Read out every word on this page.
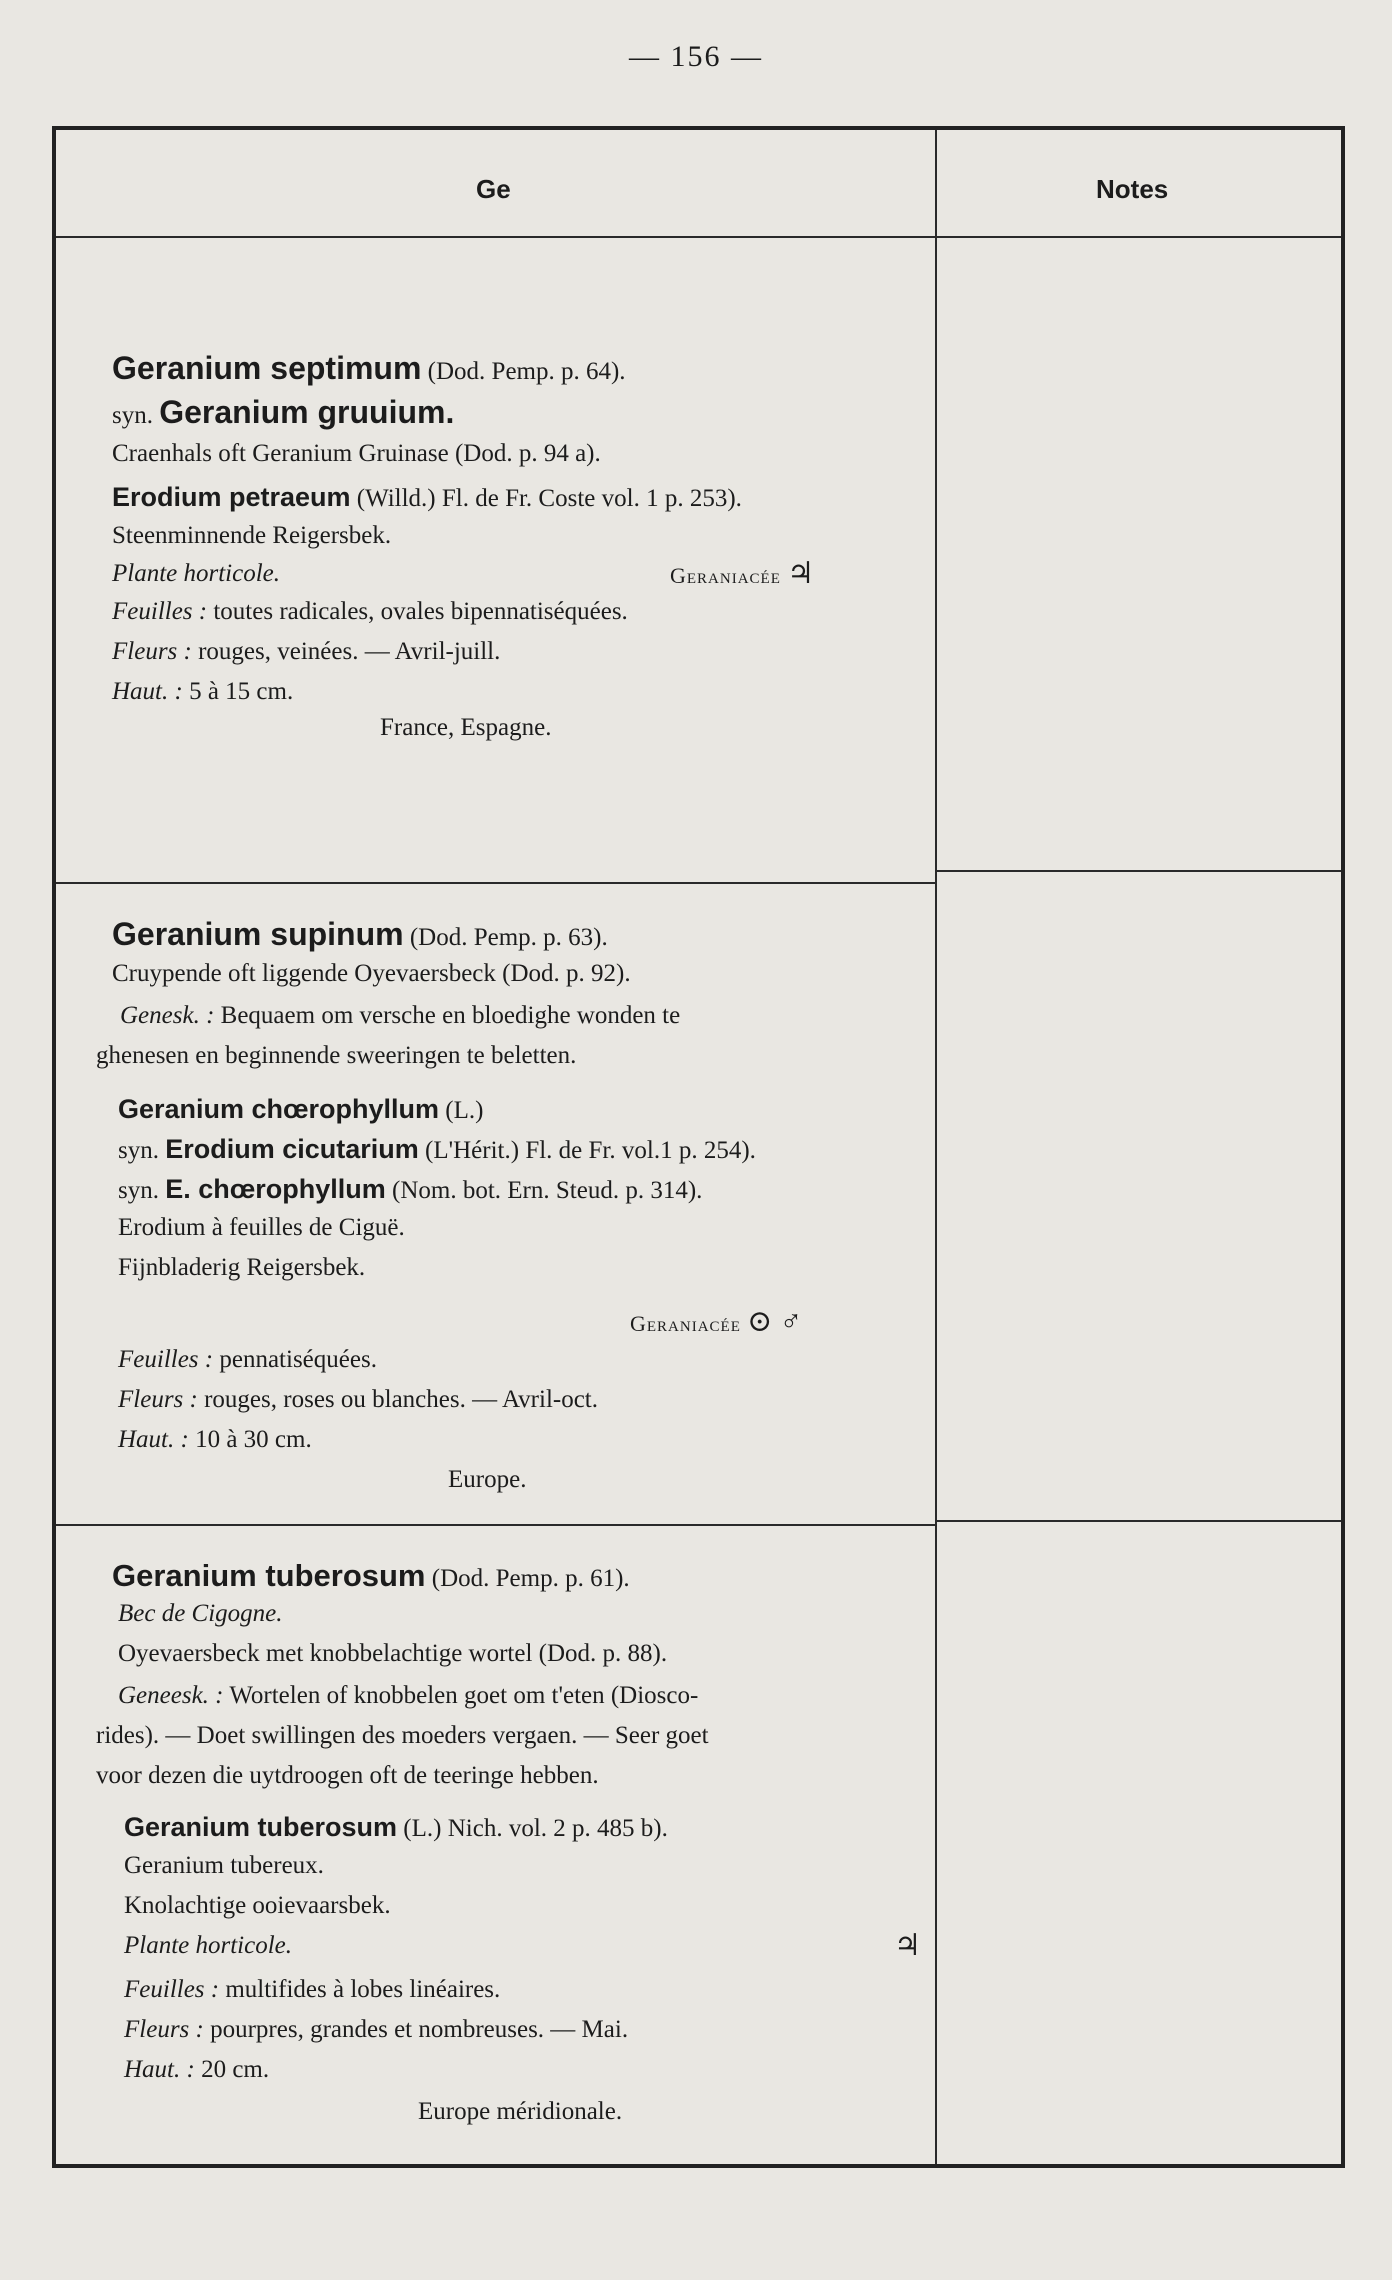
— 156 —
Ge	Notes
Geranium septimum (Dod. Pemp. p. 64).
syn. Geranium gruuium.
Craenhals oft Geranium Gruinase (Dod. p. 94 a).
Erodium petraeum (Willd.) Fl. de Fr. Coste vol. 1 p. 253).
Steenminnende Reigersbek.
Plante horticole.	Geraniacée ♃
Feuilles : toutes radicales, ovales bipennatiséquées.
Fleurs : rouges, veinées. — Avril-juill.
Haut. : 5 à 15 cm.
France, Espagne.
Geranium supinum (Dod. Pemp. p. 63).
Cruypende oft liggende Oyevaersbeck (Dod. p. 92).
Genesk. : Bequaem om versche en bloedighe wonden te
ghenesen en beginnende sweeringen te beletten.
Geranium chœrophyllum (L.)
syn. Erodium cicutarium (L'Hérit.) Fl. de Fr. vol.1 p. 254).
syn. E. chœrophyllum (Nom. bot. Ern. Steud. p. 314).
Erodium à feuilles de Ciguë.
Fijnbladerig Reigersbek.
Geraniacée ⊙ ♂
Feuilles : pennatiséquées.
Fleurs : rouges, roses ou blanches. — Avril-oct.
Haut. : 10 à 30 cm.
Europe.
Geranium tuberosum (Dod. Pemp. p. 61).
Bec de Cigogne.
Oyevaersbeck met knobbelachtige wortel (Dod. p. 88).
Geneesk. : Wortelen of knobbelen goet om t'eten (Diosco-
rides). — Doet swillingen des moeders vergaen. — Seer goet
voor dezen die uytdroogen oft de teeringe hebben.
Geranium tuberosum (L.) Nich. vol. 2 p. 485 b).
Geranium tubereux.
Knolachtige ooievaarsbek.
Plante horticole.	♃
Feuilles : multifides à lobes linéaires.
Fleurs : pourpres, grandes et nombreuses. — Mai.
Haut. : 20 cm.
Europe méridionale.
